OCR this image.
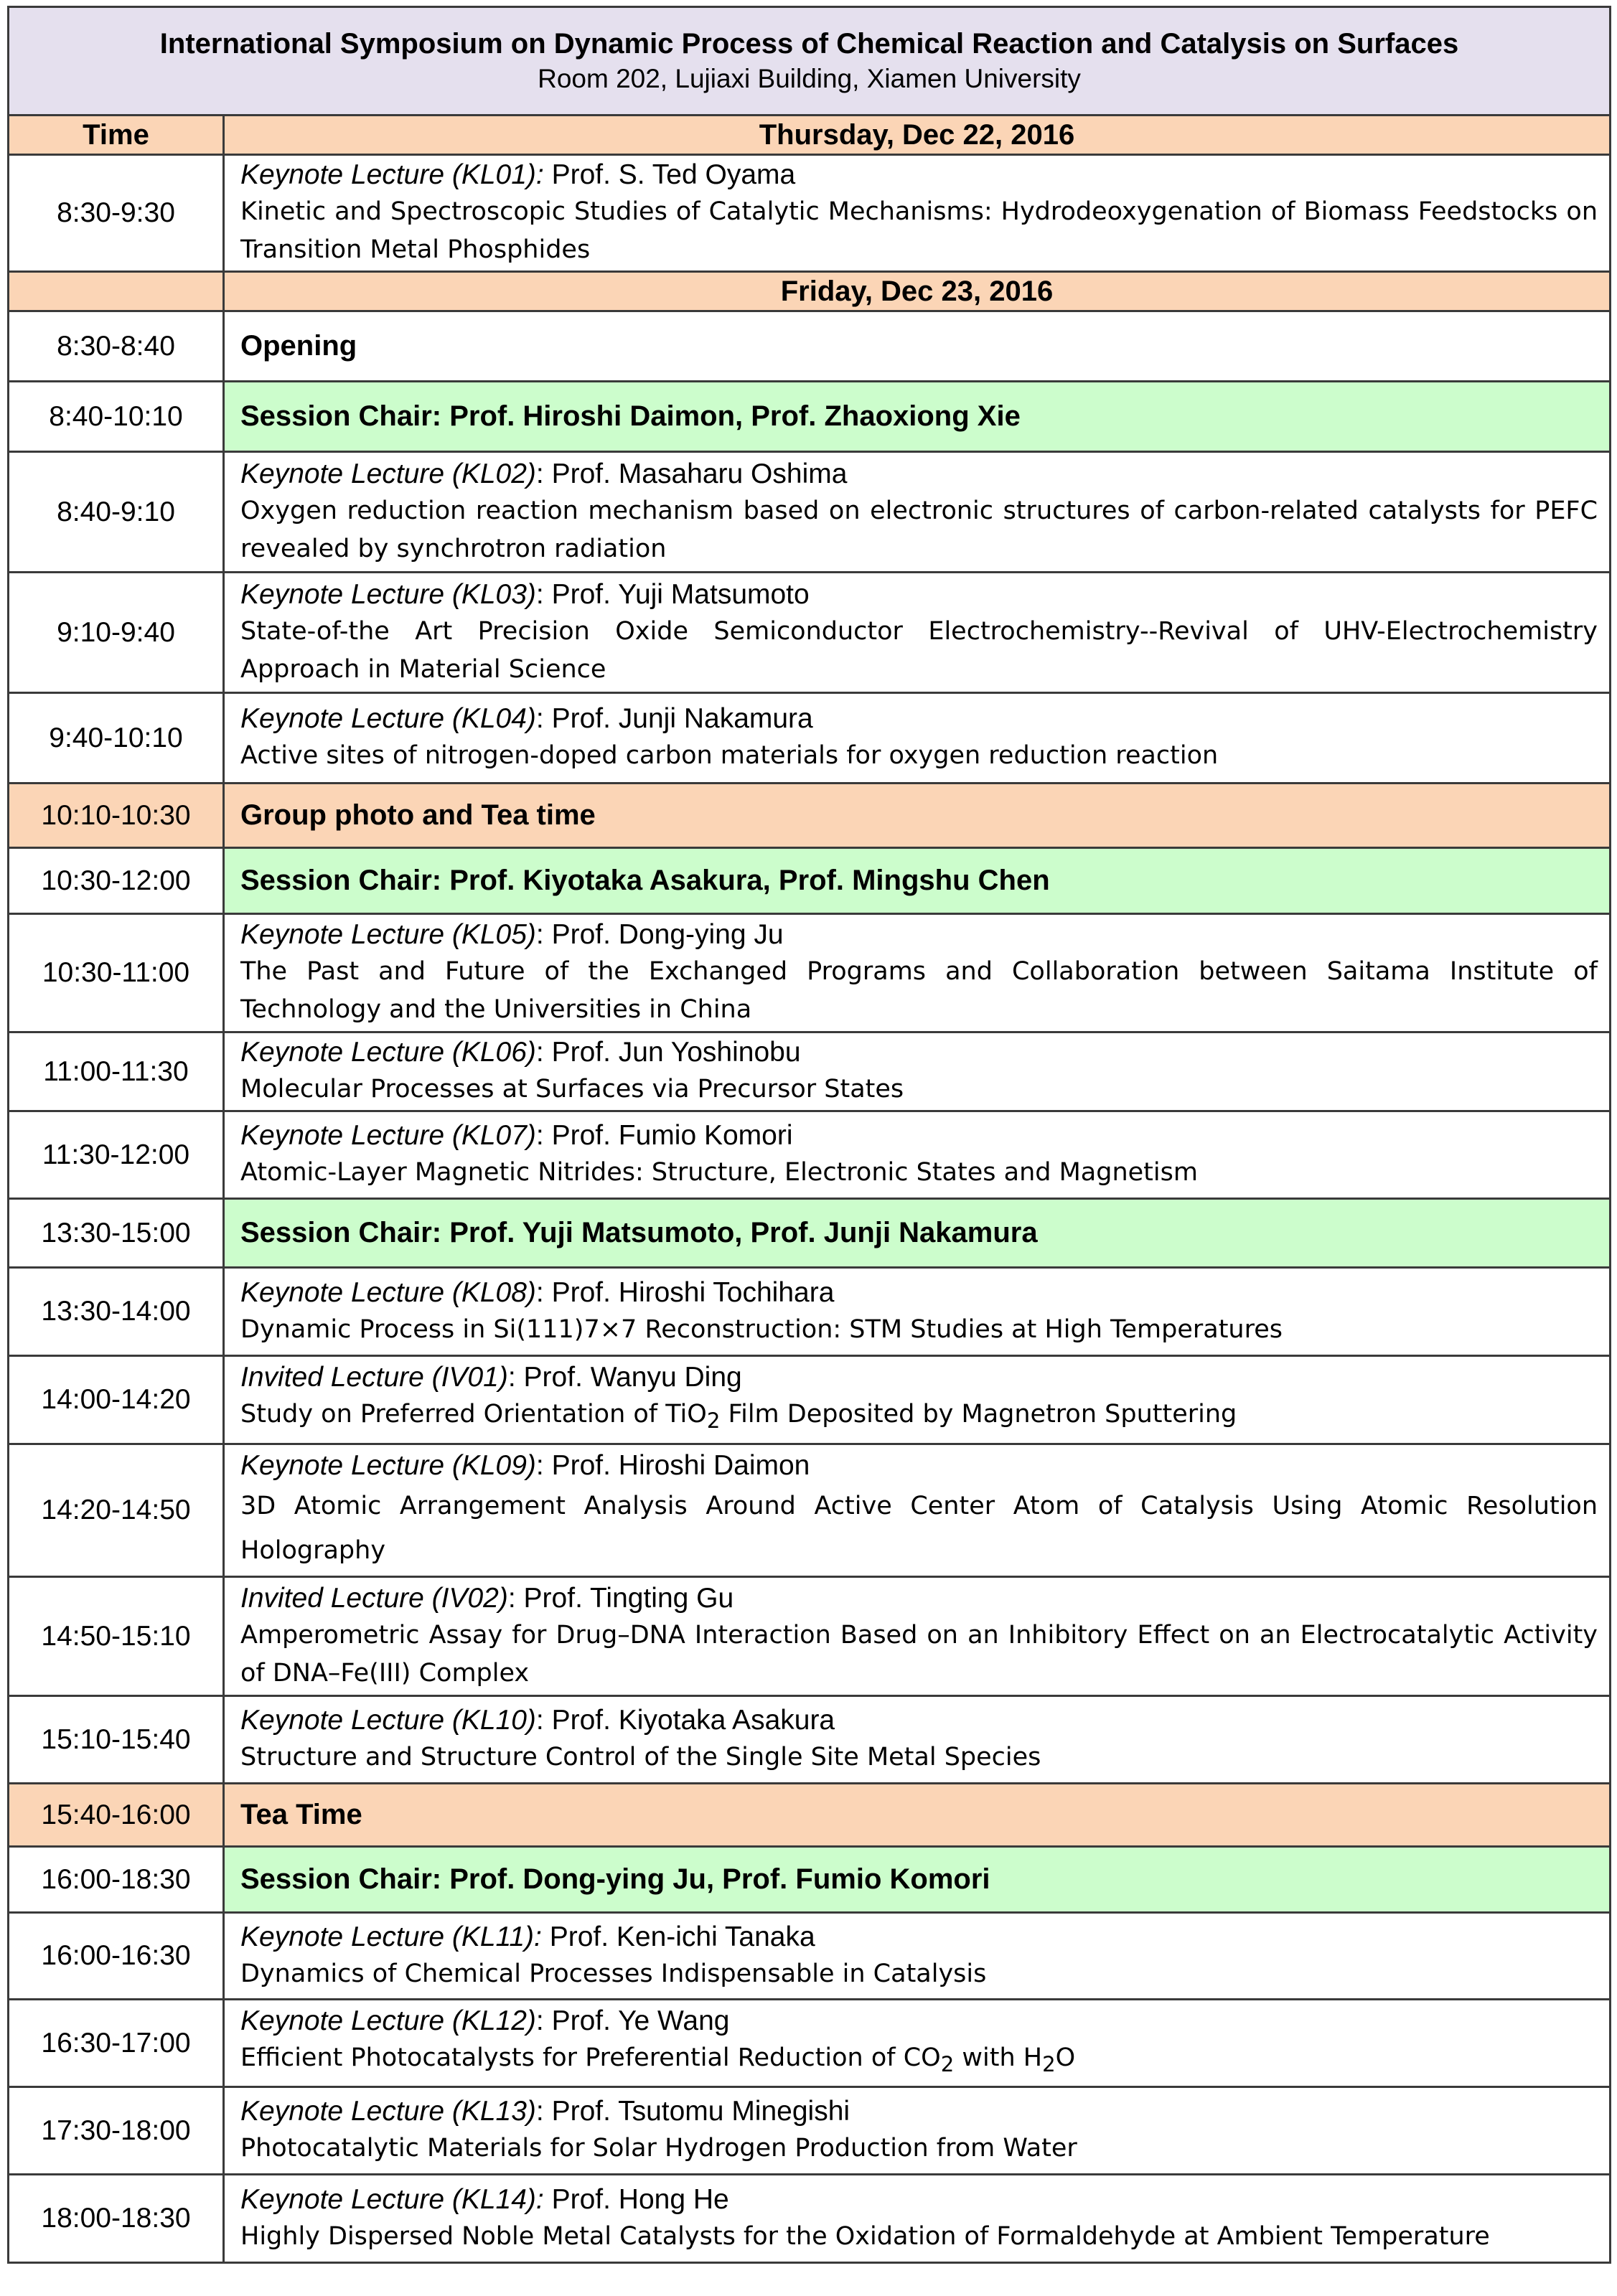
International Symposium on Dynamic Process of Chemical Reaction and Catalysis on Surfaces
Room 202, Lujiaxi Building, Xiamen University	

Time	Thursday, Dec 22, 2016
8:30-9:30	Keynote Lecture (KL01): Prof. S. Ted Oyama
Kinetic and Spectroscopic Studies of Catalytic Mechanisms: Hydrodeoxygenation of Biomass Feedstocks on Transition Metal Phosphides

	Friday, Dec 23, 2016
8:30-8:40	Opening
8:40-10:10	Session Chair: Prof. Hiroshi Daimon, Prof. Zhaoxiong Xie
8:40-9:10	Keynote Lecture (KL02): Prof. Masaharu Oshima
Oxygen reduction reaction mechanism based on electronic structures of carbon-related catalysts for PEFC revealed by synchrotron radiation

9:10-9:40	Keynote Lecture (KL03): Prof. Yuji Matsumoto
State-of-the Art Precision Oxide Semiconductor Electrochemistry--Revival of UHV-Electrochemistry Approach in Material Science

9:40-10:10	Keynote Lecture (KL04): Prof. Junji Nakamura
Active sites of nitrogen-doped carbon materials for oxygen reduction reaction

10:10-10:30	Group photo and Tea time
10:30-12:00	Session Chair: Prof. Kiyotaka Asakura, Prof. Mingshu Chen
10:30-11:00	Keynote Lecture (KL05): Prof. Dong-ying Ju
The Past and Future of the Exchanged Programs and Collaboration between Saitama Institute of Technology and the Universities in China

11:00-11:30	Keynote Lecture (KL06): Prof. Jun Yoshinobu
Molecular Processes at Surfaces via Precursor States

11:30-12:00	Keynote Lecture (KL07): Prof. Fumio Komori
Atomic-Layer Magnetic Nitrides: Structure, Electronic States and Magnetism

13:30-15:00	Session Chair: Prof. Yuji Matsumoto, Prof. Junji Nakamura
13:30-14:00	Keynote Lecture (KL08): Prof. Hiroshi Tochihara
Dynamic Process in Si(111)7×7 Reconstruction: STM Studies at High Temperatures

14:00-14:20	Invited Lecture (IV01): Prof. Wanyu Ding
Study on Preferred Orientation of TiO$_2$ Film Deposited by Magnetron Sputtering

14:20-14:50	Keynote Lecture (KL09): Prof. Hiroshi Daimon
3D Atomic Arrangement Analysis Around Active Center Atom of Catalysis Using Atomic Resolution Holography

14:50-15:10	Invited Lecture (IV02): Prof. Tingting Gu
Amperometric Assay for Drug–DNA Interaction Based on an Inhibitory Effect on an Electrocatalytic Activity of DNA–Fe(III) Complex

15:10-15:40	Keynote Lecture (KL10): Prof. Kiyotaka Asakura
Structure and Structure Control of the Single Site Metal Species

15:40-16:00	Tea Time
16:00-18:30	Session Chair: Prof. Dong-ying Ju, Prof. Fumio Komori
16:00-16:30	Keynote Lecture (KL11): Prof. Ken-ichi Tanaka
Dynamics of Chemical Processes Indispensable in Catalysis

16:30-17:00	Keynote Lecture (KL12): Prof. Ye Wang
Efficient Photocatalysts for Preferential Reduction of $CO_2$ with $H_2O$

17:30-18:00	Keynote Lecture (KL13): Prof. Tsutomu Minegishi
Photocatalytic Materials for Solar Hydrogen Production from Water

18:00-18:30	Keynote Lecture (KL14): Prof. Hong He
Highly Dispersed Noble Metal Catalysts for the Oxidation of Formaldehyde at Ambient Temperature
